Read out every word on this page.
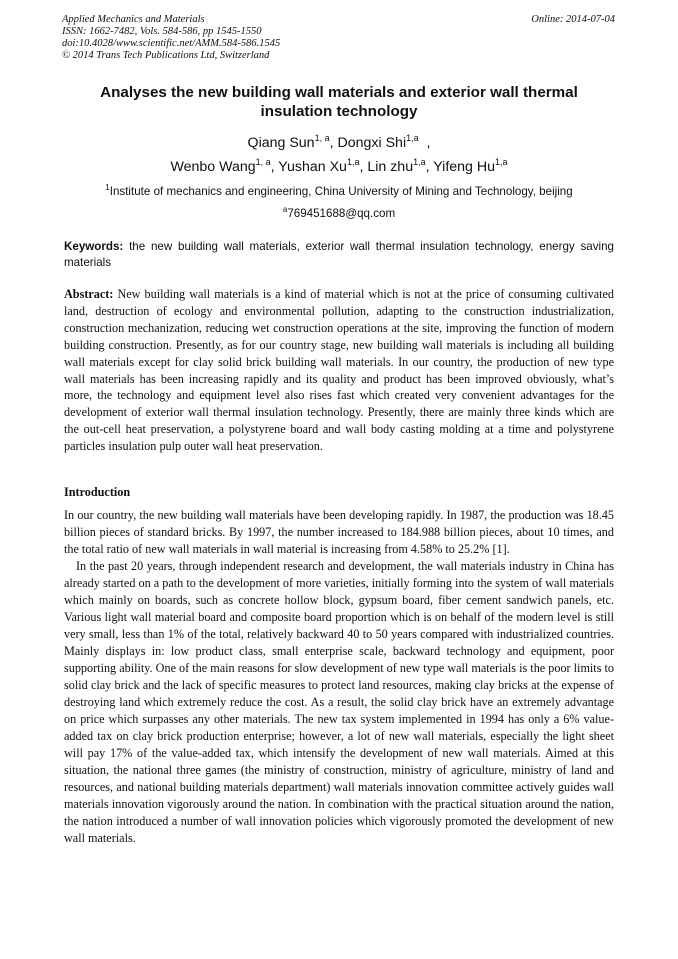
Applied Mechanics and Materials	Online: 2014-07-04
ISSN: 1662-7482, Vols. 584-586, pp 1545-1550
doi:10.4028/www.scientific.net/AMM.584-586.1545
© 2014 Trans Tech Publications Ltd, Switzerland
Analyses the new building wall materials and exterior wall thermal insulation technology
Qiang Sun$^{1, a}$, Dongxi Shi$^{1,a}$  ,
Wenbo Wang$^{1, a}$, Yushan Xu$^{1,a}$, Lin zhu$^{1,a}$, Yifeng Hu$^{1,a}$
$^1$Institute of mechanics and engineering, China University of Mining and Technology, beijing
$^a$769451688@qq.com
Keywords: the new building wall materials, exterior wall thermal insulation technology, energy saving materials

Abstract: New building wall materials is a kind of material which is not at the price of consuming cultivated land, destruction of ecology and environmental pollution, adapting to the construction industrialization, construction mechanization, reducing wet construction operations at the site, improving the function of modern building construction. Presently, as for our country stage, new building wall materials is including all building wall materials except for clay solid brick building wall materials. In our country, the production of new type wall materials has been increasing rapidly and its quality and product has been improved obviously, what’s more, the technology and equipment level also rises fast which created very convenient advantages for the development of exterior wall thermal insulation technology. Presently, there are mainly three kinds which are the out-cell heat preservation, a polystyrene board and wall body casting molding at a time and polystyrene particles insulation pulp outer wall heat preservation.

Introduction

In our country, the new building wall materials have been developing rapidly. In 1987, the production was 18.45 billion pieces of standard bricks. By 1997, the number increased to 184.988 billion pieces, about 10 times, and the total ratio of new wall materials in wall material is increasing from 4.58% to 25.2% [1].

In the past 20 years, through independent research and development, the wall materials industry in China has already started on a path to the development of more varieties, initially forming into the system of wall materials which mainly on boards, such as concrete hollow block, gypsum board, fiber cement sandwich panels, etc. Various light wall material board and composite board proportion which is on behalf of the modern level is still very small, less than 1% of the total, relatively backward 40 to 50 years compared with industrialized countries. Mainly displays in: low product class, small enterprise scale, backward technology and equipment, poor supporting ability. One of the main reasons for slow development of new type wall materials is the poor limits to solid clay brick and the lack of specific measures to protect land resources, making clay bricks at the expense of destroying land which extremely reduce the cost. As a result, the solid clay brick have an extremely advantage on price which surpasses any other materials. The new tax system implemented in 1994 has only a 6% value-added tax on clay brick production enterprise; however, a lot of new wall materials, especially the light sheet will pay 17% of the value-added tax, which intensify the development of new wall materials. Aimed at this situation, the national three games (the ministry of construction, ministry of agriculture, ministry of land and resources, and national building materials department) wall materials innovation committee actively guides wall materials innovation vigorously around the nation. In combination with the practical situation around the nation, the nation introduced a number of wall innovation policies which vigorously promoted the development of new wall materials.
